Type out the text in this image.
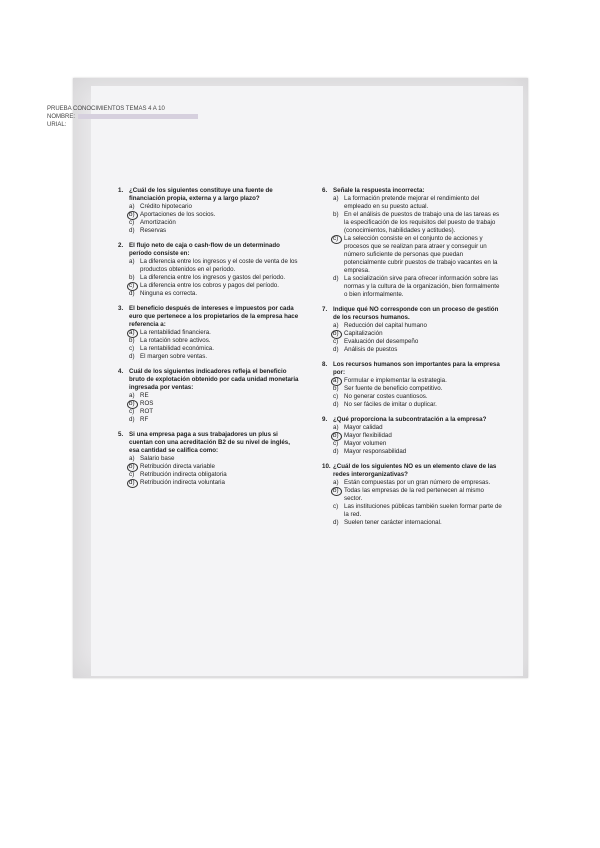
PRUEBA CONOCIMIENTOS TEMAS 4 A 10
NOMBRE:
URIAL:
1. ¿Cuál de los siguientes constituye una fuente de financiación propia, externa y a largo plazo?
a) Crédito hipotecario
b) Aportaciones de los socios.
c) Amortización
d) Reservas
2. El flujo neto de caja o cash-flow de un determinado período consiste en:
a) La diferencia entre los ingresos y el coste de venta de los productos obtenidos en el período.
b) La diferencia entre los ingresos y gastos del período.
c) La diferencia entre los cobros y pagos del período.
d) Ninguna es correcta.
3. El beneficio después de intereses e impuestos por cada euro que pertenece a los propietarios de la empresa hace referencia a:
a) La rentabilidad financiera.
b) La rotación sobre activos.
c) La rentabilidad económica.
d) El margen sobre ventas.
4. Cuál de los siguientes indicadores refleja el beneficio bruto de explotación obtenido por cada unidad monetaria ingresada por ventas:
a) RE
b) ROS
c) ROT
d) RF
5. Si una empresa paga a sus trabajadores un plus si cuentan con una acreditación B2 de su nivel de inglés, esa cantidad se califica como:
a) Salario base
b) Retribución directa variable
c) Retribución indirecta obligatoria
d) Retribución indirecta voluntaria
6. Señale la respuesta incorrecta:
a) La formación pretende mejorar el rendimiento del empleado en su puesto actual.
b) En el análisis de puestos de trabajo una de las tareas es la especificación de los requisitos del puesto de trabajo (conocimientos, habilidades y actitudes).
c) La selección consiste en el conjunto de acciones y procesos que se realizan para atraer y conseguir un número suficiente de personas que puedan potencialmente cubrir puestos de trabajo vacantes en la empresa.
d) La socialización sirve para ofrecer información sobre las normas y la cultura de la organización, bien formalmente o bien informalmente.
7. Indique qué NO corresponde con un proceso de gestión de los recursos humanos.
a) Reducción del capital humano
b) Capitalización
c) Evaluación del desempeño
d) Análisis de puestos
8. Los recursos humanos son importantes para la empresa por:
a) Formular e implementar la estrategia.
b) Ser fuente de beneficio competitivo.
c) No generar costes cuantiosos.
d) No ser fáciles de imitar o duplicar.
9. ¿Qué proporciona la subcontratación a la empresa?
a) Mayor calidad
b) Mayor flexibilidad
c) Mayor volumen
d) Mayor responsabilidad
10. ¿Cuál de los siguientes NO es un elemento clave de las redes interorganizativas?
a) Están compuestas por un gran número de empresas.
b) Todas las empresas de la red pertenecen al mismo sector.
c) Las instituciones públicas también suelen formar parte de la red.
d) Suelen tener carácter internacional.
